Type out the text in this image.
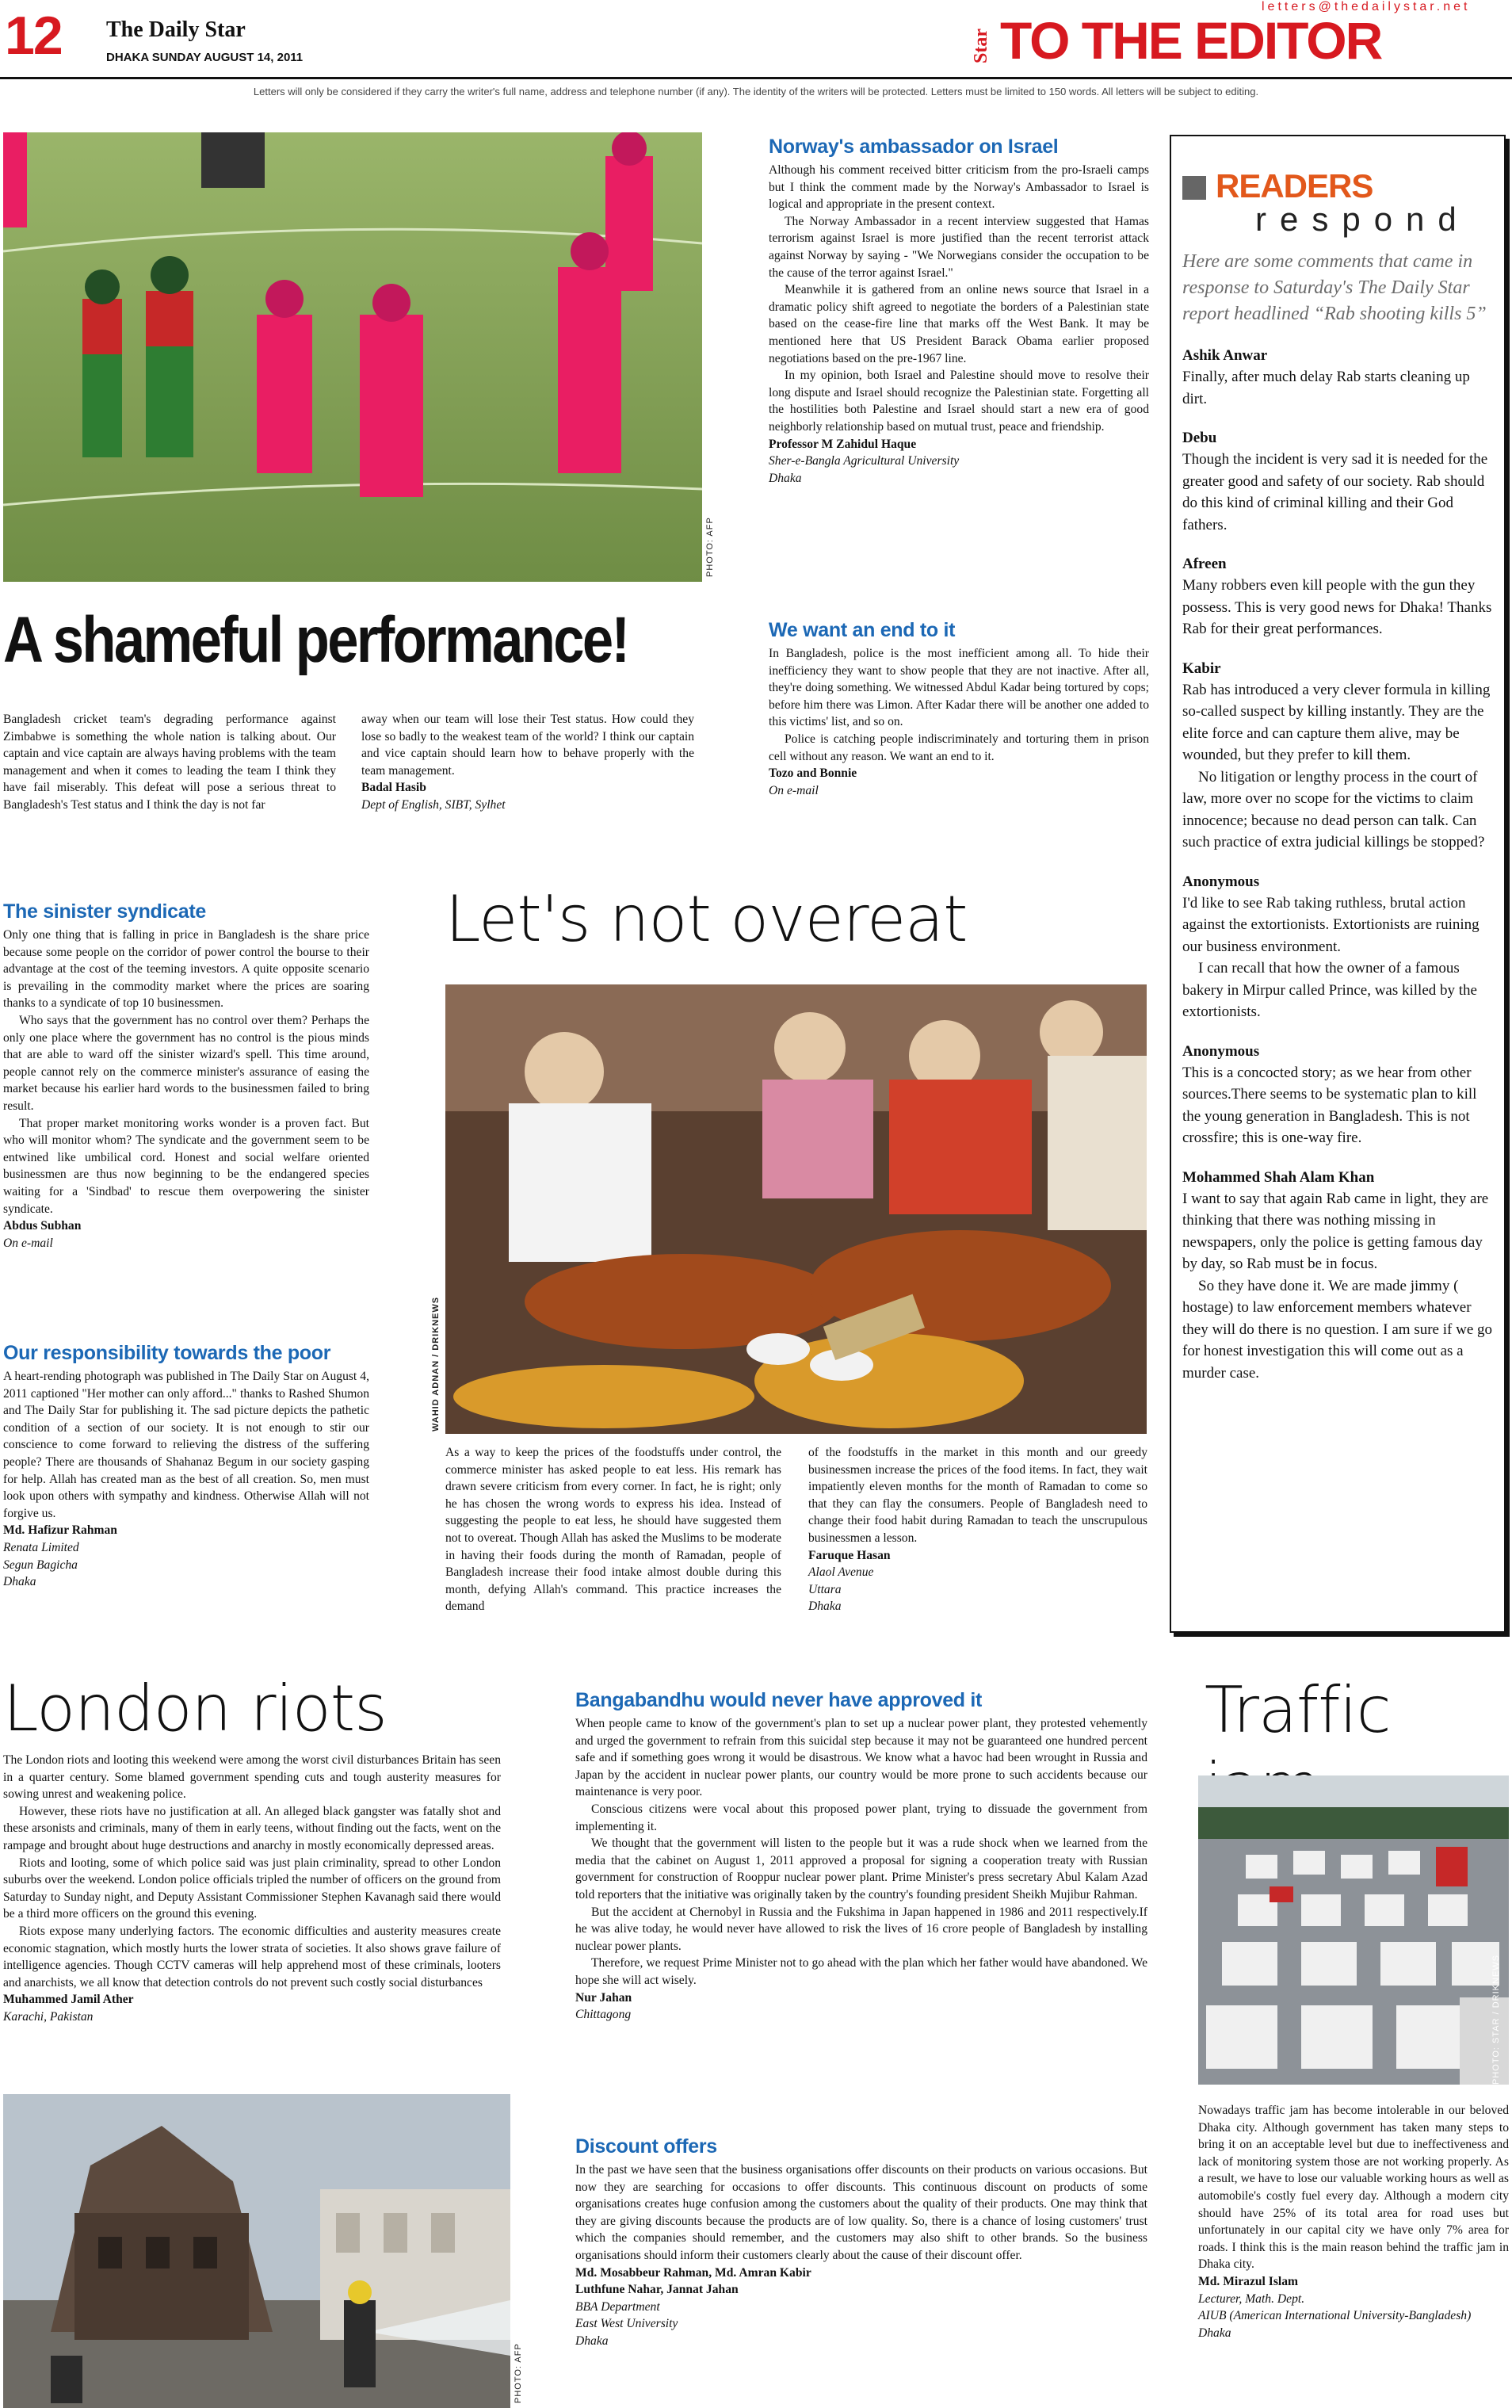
12 The Daily Star
DHAKA SUNDAY AUGUST 14, 2011
letters@thedailystar.net
Star TO THE EDITOR
Letters will only be considered if they carry the writer's full name, address and telephone number (if any). The identity of the writers will be protected. Letters must be limited to 150 words. All letters will be subject to editing.
PHOTO: AFP
A shameful performance!

Bangladesh cricket team's degrading performance against Zimbabwe is something the whole nation is talking about. Our captain and vice captain are always having problems with the team management and when it comes to leading the team I think they have fail miserably. This defeat will pose a serious threat to Bangladesh's Test status and I think the day is not far

away when our team will lose their Test status. How could they lose so badly to the weakest team of the world? I think our captain and vice captain should learn how to behave properly with the team management.

Badal Hasib
Dept of English, SIBT, Sylhet
Norway's ambassador on Israel

Although his comment received bitter criticism from the pro-Israeli camps but I think the comment made by the Norway's Ambassador to Israel is logical and appropriate in the present context.

The Norway Ambassador in a recent interview suggested that Hamas terrorism against Israel is more justified than the recent terrorist attack against Norway by saying - "We Norwegians consider the occupation to be the cause of the terror against Israel."

Meanwhile it is gathered from an online news source that Israel in a dramatic policy shift agreed to negotiate the borders of a Palestinian state based on the cease-fire line that marks off the West Bank. It may be mentioned here that US President Barack Obama earlier proposed negotiations based on the pre-1967 line.

In my opinion, both Israel and Palestine should move to resolve their long dispute and Israel should recognize the Palestinian state. Forgetting all the hostilities both Palestine and Israel should start a new era of good neighborly relationship based on mutual trust, peace and friendship.

Professor M Zahidul Haque
Sher-e-Bangla Agricultural University
Dhaka
We want an end to it

In Bangladesh, police is the most inefficient among all. To hide their inefficiency they want to show people that they are not inactive. After all, they're doing something. We witnessed Abdul Kadar being tortured by cops; before him there was Limon. After Kadar there will be another one added to this victims' list, and so on.

Police is catching people indiscriminately and torturing them in prison cell without any reason. We want an end to it.

Tozo and Bonnie
On e-mail
READERS
respond
Here are some comments that came in response to Saturday's The Daily Star report headlined “Rab shooting kills 5”
Ashik Anwar

Finally, after much delay Rab starts cleaning up dirt.

Debu

Though the incident is very sad it is needed for the greater good and safety of our society. Rab should do this kind of criminal killing and their God fathers.

Afreen

Many robbers even kill people with the gun they possess. This is very good news for Dhaka! Thanks Rab for their great performances.

Kabir

Rab has introduced a very clever formula in killing so-called suspect by killing instantly. They are the elite force and can capture them alive, may be wounded, but they prefer to kill them.

No litigation or lengthy process in the court of law, more over no scope for the victims to claim innocence; because no dead person can talk. Can such practice of extra judicial killings be stopped?

Anonymous

I'd like to see Rab taking ruthless, brutal action against the extortionists. Extortionists are ruining our business environment.

I can recall that how the owner of a famous bakery in Mirpur called Prince, was killed by the extortionists.

Anonymous

This is a concocted story; as we hear from other sources.There seems to be systematic plan to kill the young generation in Bangladesh. This is not crossfire; this is one-way fire.

Mohammed Shah Alam Khan

I want to say that again Rab came in light, they are thinking that there was nothing missing in newspapers, only the police is getting famous day by day, so Rab must be in focus.

So they have done it. We are made jimmy ( hostage) to law enforcement members whatever they will do there is no question. I am sure if we go for honest investigation this will come out as a murder case.

The sinister syndicate

Only one thing that is falling in price in Bangladesh is the share price because some people on the corridor of power control the bourse to their advantage at the cost of the teeming investors. A quite opposite scenario is prevailing in the commodity market where the prices are soaring thanks to a syndicate of top 10 businessmen.

Who says that the government has no control over them? Perhaps the only one place where the government has no control is the pious minds that are able to ward off the sinister wizard's spell. This time around, people cannot rely on the commerce minister's assurance of easing the market because his earlier hard words to the businessmen failed to bring result.

That proper market monitoring works wonder is a proven fact. But who will monitor whom? The syndicate and the government seem to be entwined like umbilical cord. Honest and social welfare oriented businessmen are thus now beginning to be the endangered species waiting for a 'Sindbad' to rescue them overpowering the sinister syndicate.

Abdus Subhan
On e-mail
Our responsibility towards the poor

A heart-rending photograph was published in The Daily Star on August 4, 2011 captioned "Her mother can only afford..." thanks to Rashed Shumon and The Daily Star for publishing it. The sad picture depicts the pathetic condition of a section of our society. It is not enough to stir our conscience to come forward to relieving the distress of the suffering people? There are thousands of Shahanaz Begum in our society gasping for help. Allah has created man as the best of all creation. So, men must look upon others with sympathy and kindness. Otherwise Allah will not forgive us.

Md. Hafizur Rahman
Renata Limited
Segun Bagicha
Dhaka
Let's not overeat
WAHID ADNAN / DRIKNEWS

As a way to keep the prices of the foodstuffs under control, the commerce minister has asked people to eat less. His remark has drawn severe criticism from every corner. In fact, he is right; only he has chosen the wrong words to express his idea. Instead of suggesting the people to eat less, he should have suggested them not to overeat. Though Allah has asked the Muslims to be moderate in having their foods during the month of Ramadan, people of Bangladesh increase their food intake almost double during this month, defying Allah's command. This practice increases the demand

of the foodstuffs in the market in this month and our greedy businessmen increase the prices of the food items. In fact, they wait impatiently eleven months for the month of Ramadan to come so that they can flay the consumers. People of Bangladesh need to change their food habit during Ramadan to teach the unscrupulous businessmen a lesson.

Faruque Hasan
Alaol Avenue
Uttara
Dhaka
London riots

The London riots and looting this weekend were among the worst civil disturbances Britain has seen in a quarter century. Some blamed government spending cuts and tough austerity measures for sowing unrest and weakening police.

However, these riots have no justification at all. An alleged black gangster was fatally shot and these arsonists and criminals, many of them in early teens, without finding out the facts, went on the rampage and brought about huge destructions and anarchy in mostly economically depressed areas.

Riots and looting, some of which police said was just plain criminality, spread to other London suburbs over the weekend. London police officials tripled the number of officers on the ground from Saturday to Sunday night, and Deputy Assistant Commissioner Stephen Kavanagh said there would be a third more officers on the ground this evening.

Riots expose many underlying factors. The economic difficulties and austerity measures create economic stagnation, which mostly hurts the lower strata of societies. It also shows grave failure of intelligence agencies. Though CCTV cameras will help apprehend most of these criminals, looters and anarchists, we all know that detection controls do not prevent such costly social disturbances

Muhammed Jamil Ather
Karachi, Pakistan
PHOTO: AFP
Bangabandhu would never have approved it

When people came to know of the government's plan to set up a nuclear power plant, they protested vehemently and urged the government to refrain from this suicidal step because it may not be guaranteed one hundred percent safe and if something goes wrong it would be disastrous. We know what a havoc had been wrought in Russia and Japan by the accident in nuclear power plants, our country would be more prone to such accidents because our maintenance is very poor.

Conscious citizens were vocal about this proposed power plant, trying to dissuade the government from implementing it.

We thought that the government will listen to the people but it was a rude shock when we learned from the media that the cabinet on August 1, 2011 approved a proposal for signing a cooperation treaty with Russian government for construction of Rooppur nuclear power plant. Prime Minister's press secretary Abul Kalam Azad told reporters that the initiative was originally taken by the country's founding president Sheikh Mujibur Rahman.

But the accident at Chernobyl in Russia and the Fukshima in Japan happened in 1986 and 2011 respectively.If he was alive today, he would never have allowed to risk the lives of 16 crore people of Bangladesh by installing nuclear power plants.

Therefore, we request Prime Minister not to go ahead with the plan which her father would have abandoned. We hope she will act wisely.

Nur Jahan
Chittagong
Discount offers

In the past we have seen that the business organisations offer discounts on their products on various occasions. But now they are searching for occasions to offer discounts. This continuous discount on products of some organisations creates huge confusion among the customers about the quality of their products. One may think that they are giving discounts because the products are of low quality. So, there is a chance of losing customers' trust which the companies should remember, and the customers may also shift to other brands. So the business organisations should inform their customers clearly about the cause of their discount offer.

Md. Mosabbeur Rahman, Md. Amran Kabir
Luthfune Nahar, Jannat Jahan
BBA Department
East West University
Dhaka
Traffic
PHOTO: STAR / DRIKNEWS

Nowadays traffic jam has become intolerable in our beloved Dhaka city. Although government has taken many steps to bring it on an acceptable level but due to ineffectiveness and lack of monitoring system those are not working properly. As a result, we have to lose our valuable working hours as well as automobile's costly fuel every day. Although a modern city should have 25% of its total area for road uses but unfortunately in our capital city we have only 7% area for roads. I think this is the main reason behind the traffic jam in Dhaka city.

Md. Mirazul Islam
Lecturer, Math. Dept.
AIUB (American International University-Bangladesh)
Dhaka
